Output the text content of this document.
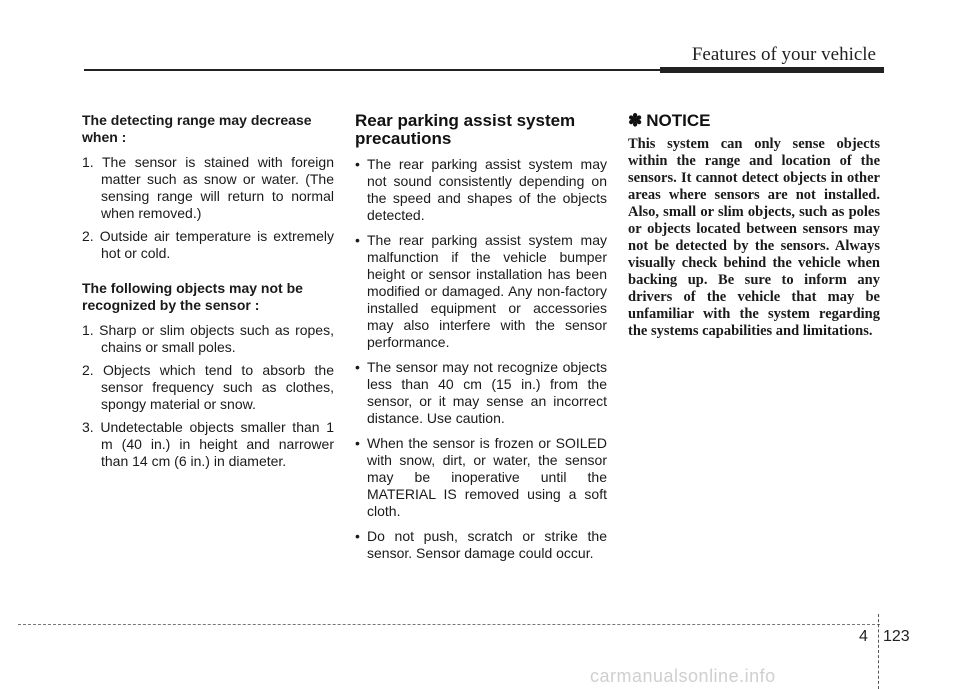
Features of your vehicle

The detecting range may decrease when :

1. The sensor is stained with foreign matter such as snow or water. (The sensing range will return to normal when removed.)

2. Outside air temperature is extremely hot or cold.

The following objects may not be recognized by the sensor :

1. Sharp or slim objects such as ropes, chains or small poles.

2. Objects which tend to absorb the sensor frequency such as clothes, spongy material or snow.

3. Undetectable objects smaller than 1 m (40 in.) in height and narrower than 14 cm (6 in.) in diameter.

Rear parking assist system precautions

• The rear parking assist system may not sound consistently depending on the speed and shapes of the objects detected.

• The rear parking assist system may malfunction if the vehicle bumper height or sensor installation has been modified or damaged. Any non-factory installed equipment or accessories may also interfere with the sensor performance.

• The sensor may not recognize objects less than 40 cm (15 in.) from the sensor, or it may sense an incorrect distance. Use caution.

• When the sensor is frozen or SOILED with snow, dirt, or water, the sensor may be inoperative until the MATERIAL IS removed using a soft cloth.

• Do not push, scratch or strike the sensor. Sensor damage could occur.

✽ NOTICE

This system can only sense objects within the range and location of the sensors. It cannot detect objects in other areas where sensors are not installed. Also, small or slim objects, such as poles or objects located between sensors may not be detected by the sensors. Always visually check behind the vehicle when backing up. Be sure to inform any drivers of the vehicle that may be unfamiliar with the system regarding the systems capabilities and limitations.

4 123
carmanualsonline.info
